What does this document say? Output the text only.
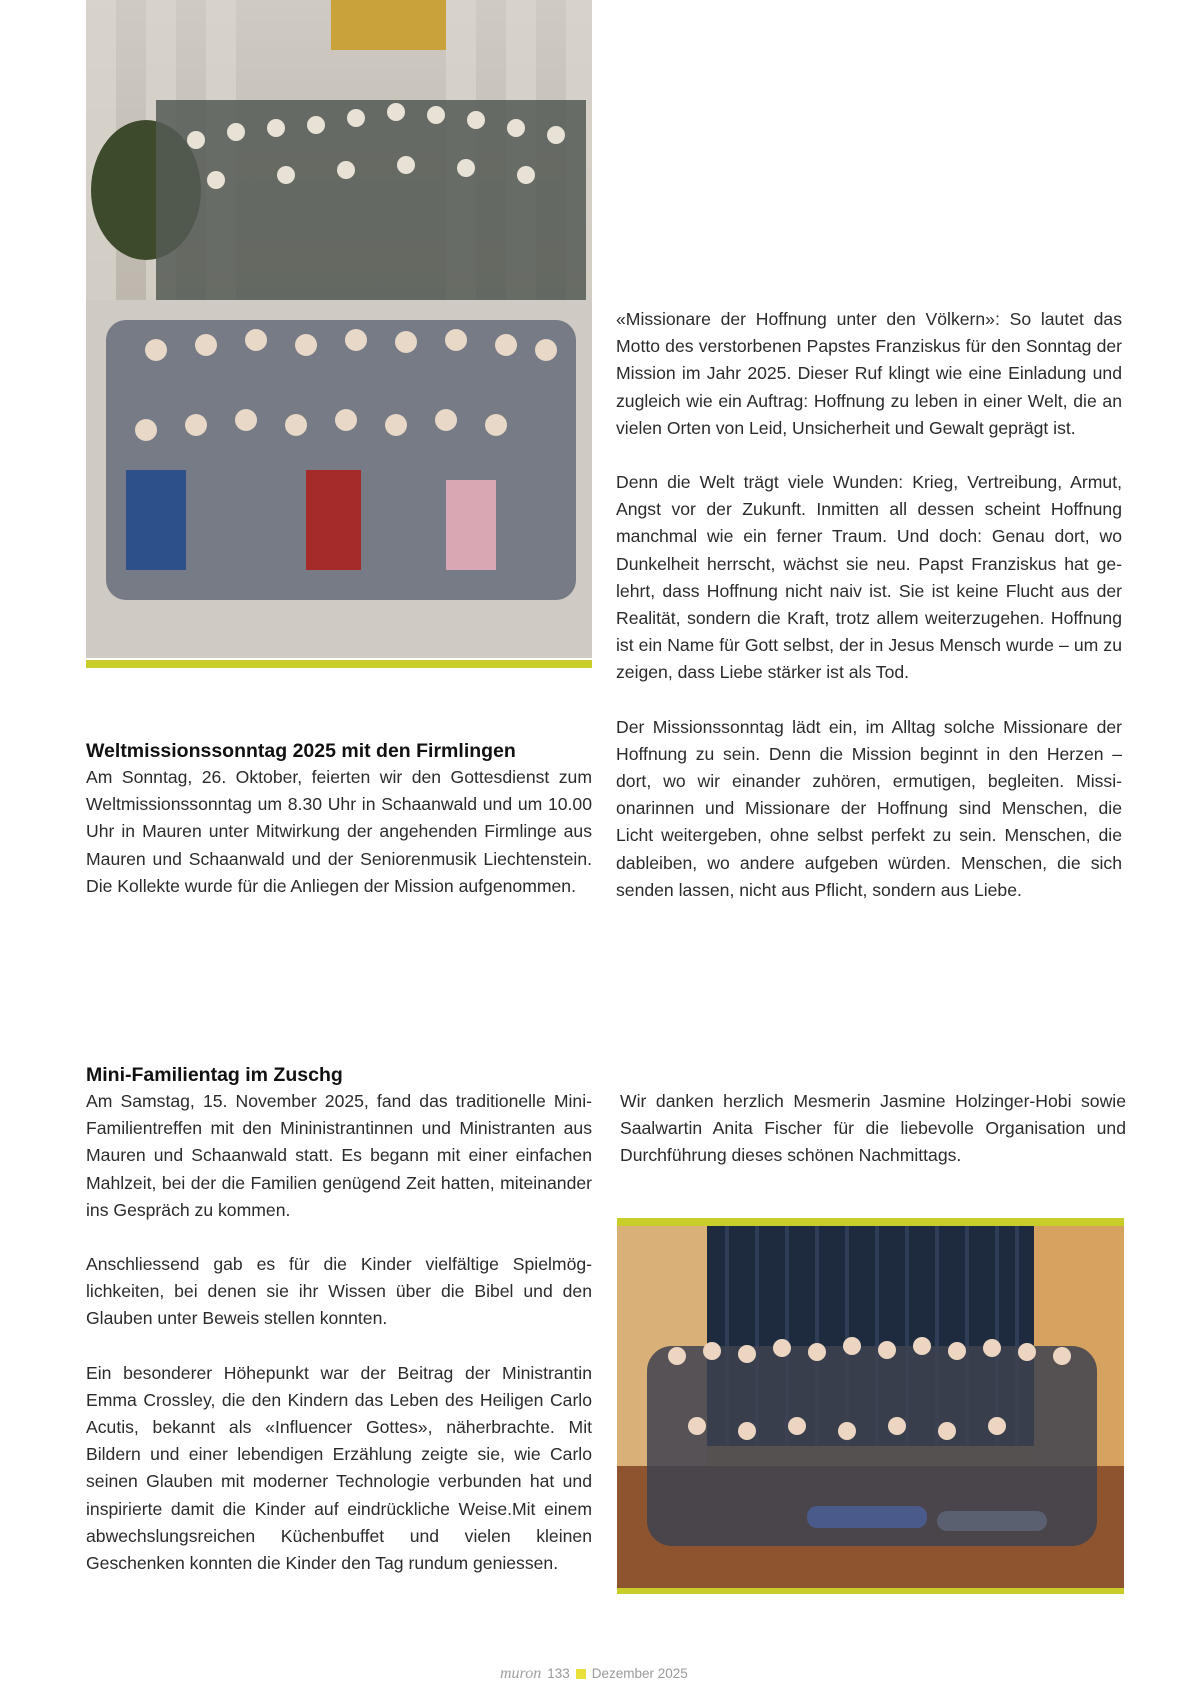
Weltmissionssonntag 2025 mit den Firmlingen

Am Sonntag, 26. Oktober, feierten wir den Gottesdienst zum Weltmissionssonntag um 8.30 Uhr in Schaanwald und um 10.00 Uhr in Mauren unter Mitwirkung der angehenden Firmlinge aus Mauren und Schaanwald und der Seniorenmusik Liechtenstein. Die Kollekte wurde für die Anliegen der Mission aufgenommen.

«Missionare der Hoffnung unter den Völkern»: So lautet das Motto des verstorbenen Papstes Franziskus für den Sonntag der Mission im Jahr 2025. Dieser Ruf klingt wie eine Einladung und zugleich wie ein Auftrag: Hoffnung zu leben in einer Welt, die an vielen Orten von Leid, Unsicherheit und Gewalt geprägt ist.

Denn die Welt trägt viele Wunden: Krieg, Vertreibung, Armut, Angst vor der Zukunft. Inmitten all dessen scheint Hoffnung manchmal wie ein ferner Traum. Und doch: Genau dort, wo Dunkelheit herrscht, wächst sie neu. Papst Franziskus hat gelehrt, dass Hoffnung nicht naiv ist. Sie ist keine Flucht aus der Realität, sondern die Kraft, trotz allem weiterzugehen. Hoffnung ist ein Name für Gott selbst, der in Jesus Mensch wurde – um zu zeigen, dass Liebe stärker ist als Tod.

Der Missionssonntag lädt ein, im Alltag solche Missionare der Hoffnung zu sein. Denn die Mission beginnt in den Herzen – dort, wo wir einander zuhören, ermutigen, begleiten. Missionarinnen und Missionare der Hoffnung sind Menschen, die Licht weitergeben, ohne selbst perfekt zu sein. Menschen, die dableiben, wo andere aufgeben würden. Menschen, die sich senden lassen, nicht aus Pflicht, sondern aus Liebe.

Mini-Familientag im Zuschg

Am Samstag, 15. November 2025, fand das traditionelle Mini-Familientreffen mit den Mininistrantinnen und Ministranten aus Mauren und Schaanwald statt. Es begann mit einer einfachen Mahlzeit, bei der die Familien genügend Zeit hatten, miteinander ins Gespräch zu kommen.

Anschliessend gab es für die Kinder vielfältige Spielmöglichkeiten, bei denen sie ihr Wissen über die Bibel und den Glauben unter Beweis stellen konnten.

Ein besonderer Höhepunkt war der Beitrag der Ministrantin Emma Crossley, die den Kindern das Leben des Heiligen Carlo Acutis, bekannt als «Influencer Gottes», näherbrachte. Mit Bildern und einer lebendigen Erzählung zeigte sie, wie Carlo seinen Glauben mit moderner Technologie verbunden hat und inspirierte damit die Kinder auf eindrückliche Weise.Mit einem abwechslungsreichen Küchenbuffet und vielen kleinen Geschenken konnten die Kinder den Tag rundum geniessen.

Wir danken herzlich Mesmerin Jasmine Holzinger-Hobi sowie Saalwartin Anita Fischer für die liebevolle Organisation und Durchführung dieses schönen Nachmittags.

muron 133 Dezember 2025
